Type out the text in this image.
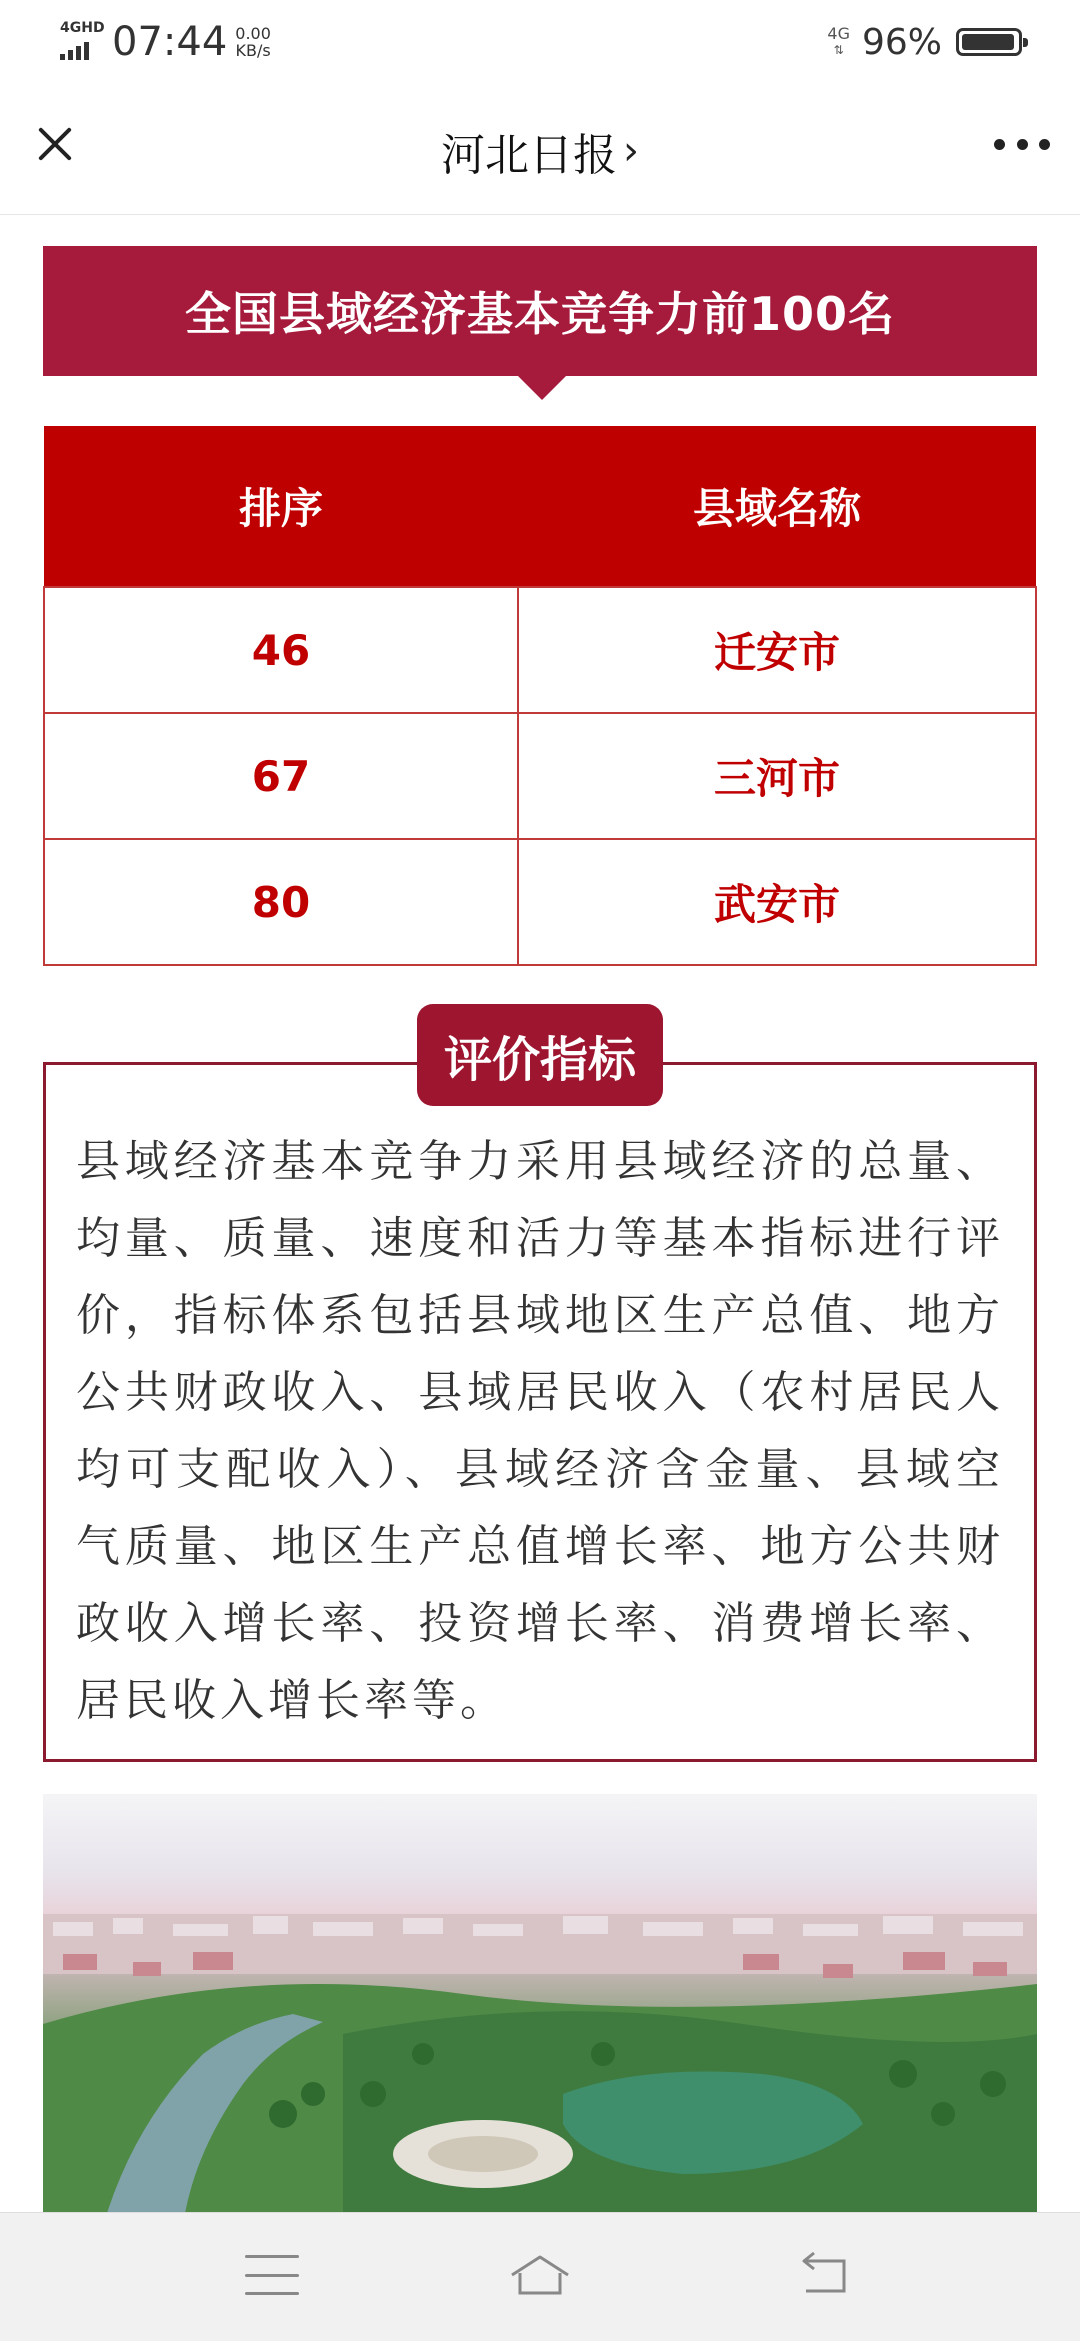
4GHD 07:44 0.00
KB/s
4G
⇅ 96%
河北日报 ›
全国县域经济基本竞争力前100名
排序	县域名称
46	迁安市
67	三河市
80	武安市
县域经济基本竞争力采用县域经济的总量、均量、质量、速度和活力等基本指标进行评价，指标体系包括县域地区生产总值、地方公共财政收入、县域居民收入（农村居民人均可支配收入）、县域经济含金量、县域空气质量、地区生产总值增长率、地方公共财政收入增长率、投资增长率、消费增长率、居民收入增长率等。
评价指标
